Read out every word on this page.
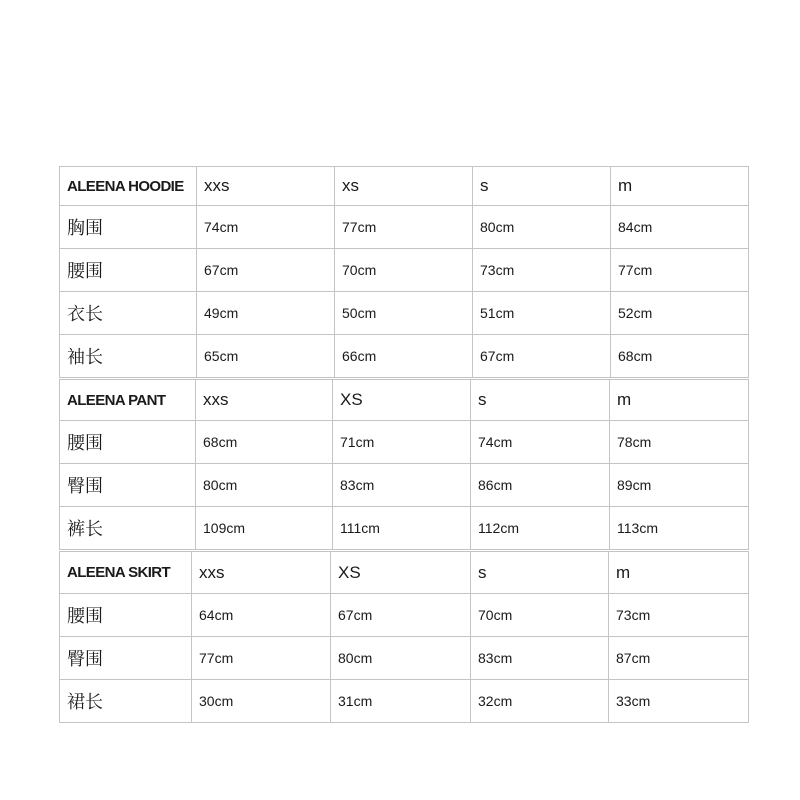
ALEENA HOODIE	xxs	xs	s	m
胸围	74cm	77cm	80cm	84cm
腰围	67cm	70cm	73cm	77cm
衣长	49cm	50cm	51cm	52cm
袖长	65cm	66cm	67cm	68cm
ALEENA PANT	xxs	XS	s	m
腰围	68cm	71cm	74cm	78cm
臀围	80cm	83cm	86cm	89cm
裤长	109cm	111cm	112cm	113cm
ALEENA SKIRT	xxs	XS	s	m
腰围	64cm	67cm	70cm	73cm
臀围	77cm	80cm	83cm	87cm
裙长	30cm	31cm	32cm	33cm
